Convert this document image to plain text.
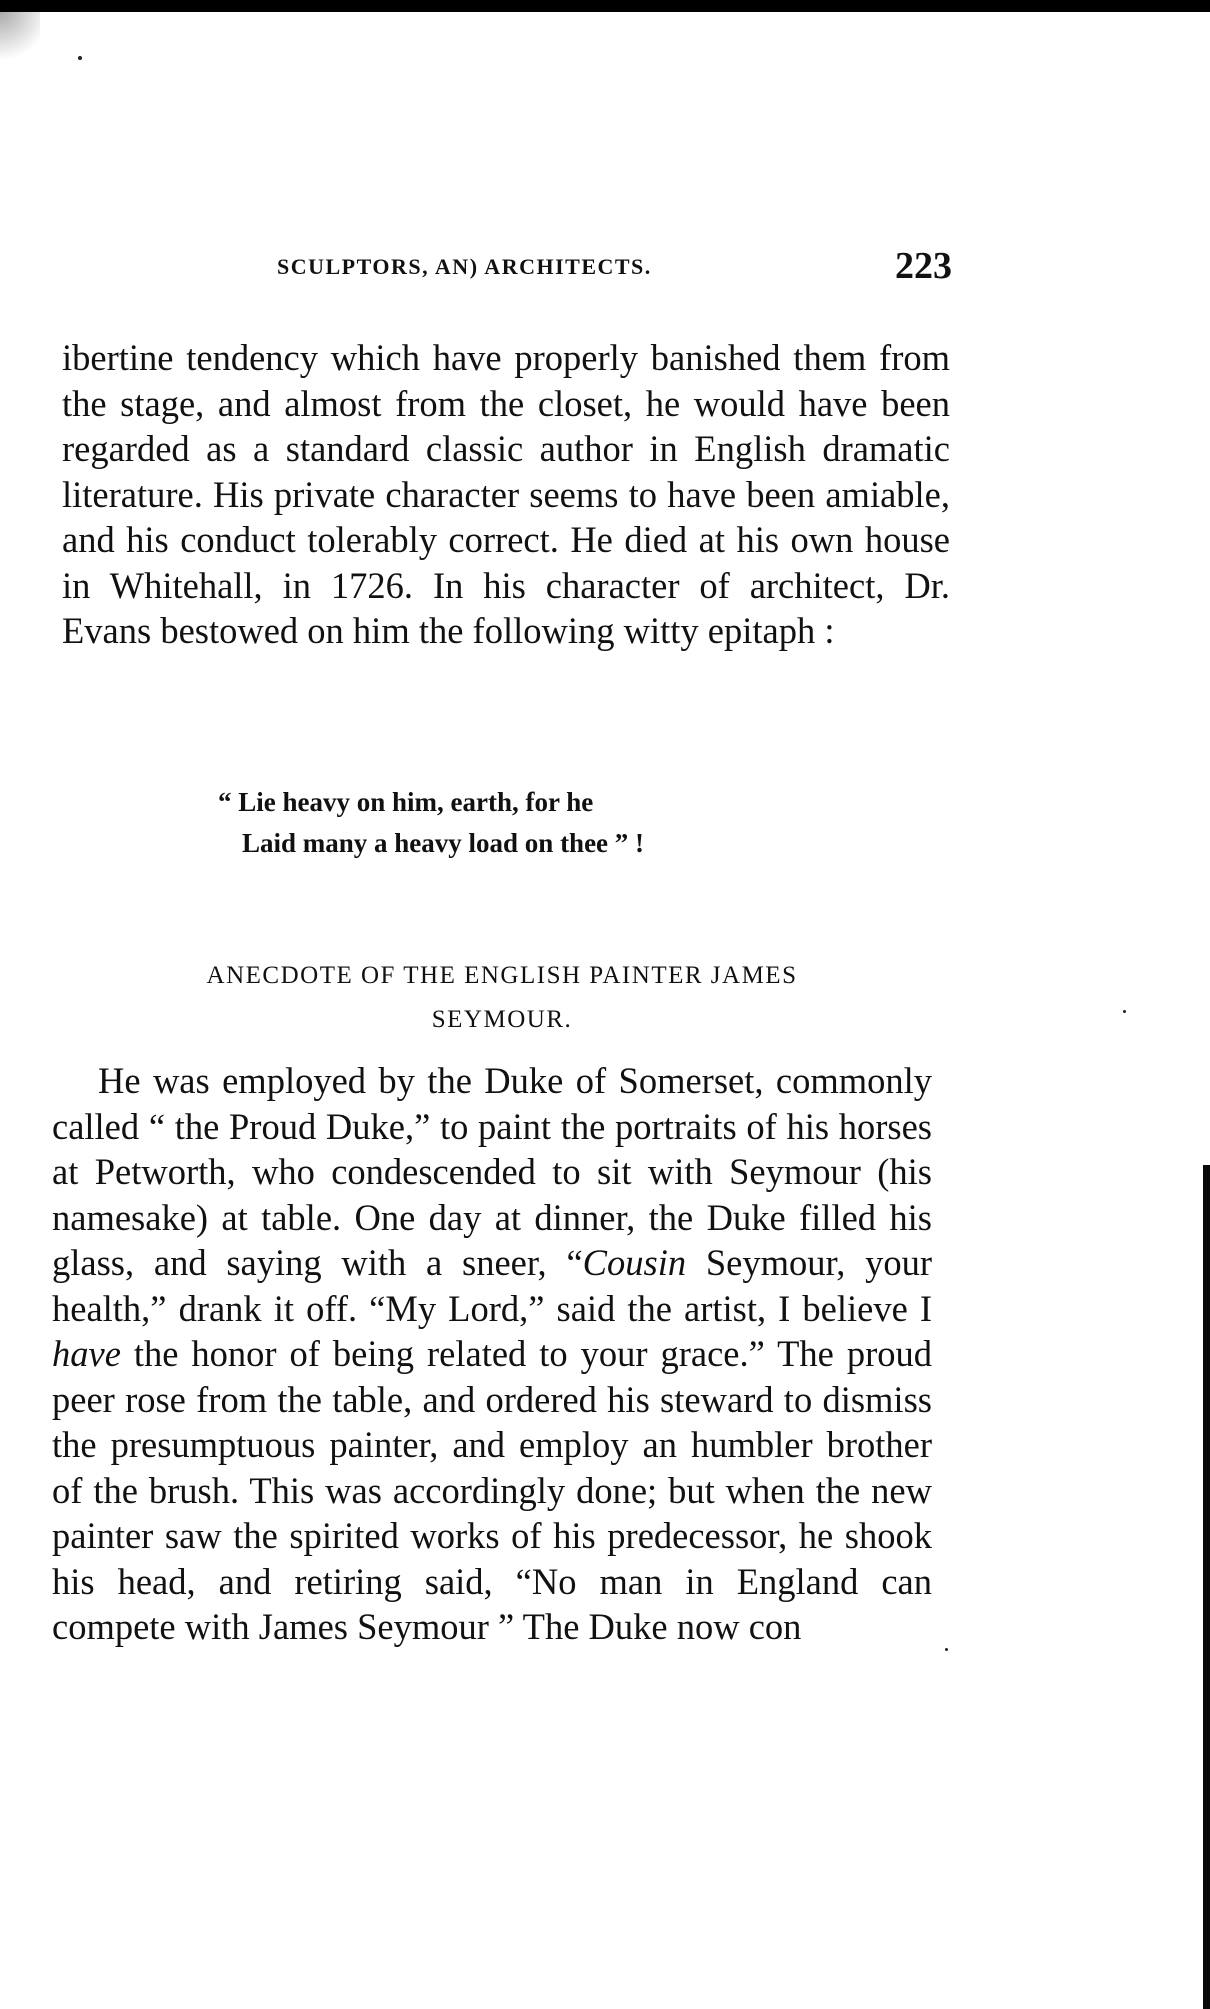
SCULPTORS, AN) ARCHITECTS.	223

ibertine tendency which have properly banished them from the stage, and almost from the closet, he would have been regarded as a standard classic author in English dramatic literature. His private character seems to have been amiable, and his conduct tolerably correct. He died at his own house in Whitehall, in 1726. In his character of architect, Dr. Evans bestowed on him the following witty epitaph :

“ Lie heavy on him, earth, for he
Laid many a heavy load on thee ” !
ANECDOTE OF THE ENGLISH PAINTER JAMES
SEYMOUR.

He was employed by the Duke of Somerset, commonly called “ the Proud Duke,” to paint the portraits of his horses at Petworth, who condescended to sit with Seymour (his namesake) at table. One day at dinner, the Duke filled his glass, and saying with a sneer, “Cousin Seymour, your health,” drank it off. “My Lord,” said the artist, I believe I have the honor of being related to your grace.” The proud peer rose from the table, and ordered his steward to dismiss the presumptuous painter, and employ an humbler brother of the brush. This was accordingly done; but when the new painter saw the spirited works of his predecessor, he shook his head, and retiring said, “No man in England can compete with James Seymour ” The Duke now con
